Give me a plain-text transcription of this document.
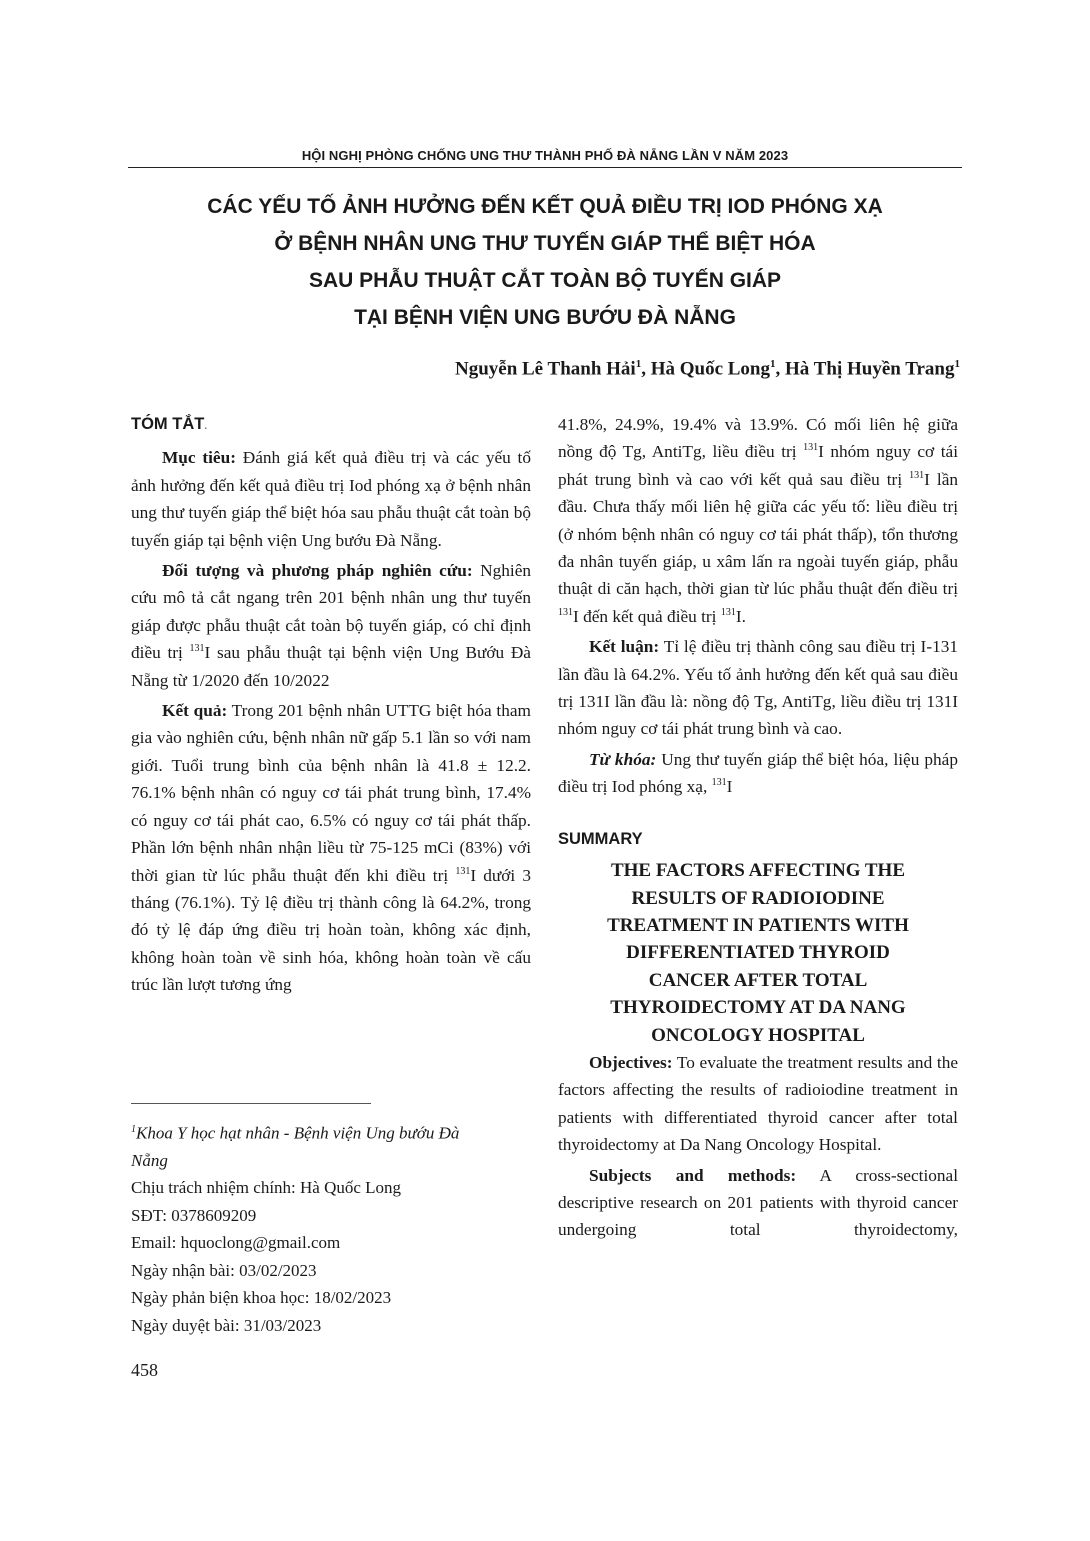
HỘI NGHỊ PHÒNG CHỐNG UNG THƯ THÀNH PHỐ ĐÀ NẴNG LẦN V NĂM 2023
CÁC YẾU TỐ ẢNH HƯỞNG ĐẾN KẾT QUẢ ĐIỀU TRỊ IOD PHÓNG XẠ
Ở BỆNH NHÂN UNG THƯ TUYẾN GIÁP THỂ BIỆT HÓA
SAU PHẪU THUẬT CẮT TOÀN BỘ TUYẾN GIÁP
TẠI BỆNH VIỆN UNG BƯỚU ĐÀ NẴNG
Nguyễn Lê Thanh Hải$^1$, Hà Quốc Long$^1$, Hà Thị Huyền Trang$^1$
TÓM TẮT.

Mục tiêu: Đánh giá kết quả điều trị và các yếu tố ảnh hưởng đến kết quả điều trị Iod phóng xạ ở bệnh nhân ung thư tuyến giáp thể biệt hóa sau phẫu thuật cắt toàn bộ tuyến giáp tại bệnh viện Ung bướu Đà Nẵng.

Đối tượng và phương pháp nghiên cứu: Nghiên cứu mô tả cắt ngang trên 201 bệnh nhân ung thư tuyến giáp được phẫu thuật cắt toàn bộ tuyến giáp, có chỉ định điều trị $^{131}$I sau phẫu thuật tại bệnh viện Ung Bướu Đà Nẵng từ 1/2020 đến 10/2022

Kết quả: Trong 201 bệnh nhân UTTG biệt hóa tham gia vào nghiên cứu, bệnh nhân nữ gấp 5.1 lần so với nam giới. Tuổi trung bình của bệnh nhân là 41.8 ± 12.2. 76.1% bệnh nhân có nguy cơ tái phát trung bình, 17.4% có nguy cơ tái phát cao, 6.5% có nguy cơ tái phát thấp. Phần lớn bệnh nhân nhận liều từ 75-125 mCi (83%) với thời gian từ lúc phẫu thuật đến khi điều trị $^{131}$I dưới 3 tháng (76.1%). Tỷ lệ điều trị thành công là 64.2%, trong đó tỷ lệ đáp ứng điều trị hoàn toàn, không xác định, không hoàn toàn về sinh hóa, không hoàn toàn về cấu trúc lần lượt tương ứng

$^1$Khoa Y học hạt nhân - Bệnh viện Ung bướu Đà
Nẵng
Chịu trách nhiệm chính: Hà Quốc Long
SĐT: 0378609209
Email: hquoclong@gmail.com
Ngày nhận bài: 03/02/2023
Ngày phản biện khoa học: 18/02/2023
Ngày duyệt bài: 31/03/2023

41.8%, 24.9%, 19.4% và 13.9%. Có mối liên hệ giữa nồng độ Tg, AntiTg, liều điều trị $^{131}$I nhóm nguy cơ tái phát trung bình và cao với kết quả sau điều trị $^{131}$I lần đầu. Chưa thấy mối liên hệ giữa các yếu tố: liều điều trị (ở nhóm bệnh nhân có nguy cơ tái phát thấp), tổn thương đa nhân tuyến giáp, u xâm lấn ra ngoài tuyến giáp, phẫu thuật di căn hạch, thời gian từ lúc phẫu thuật đến điều trị $^{131}$I đến kết quả điều trị $^{131}$I.

Kết luận: Tỉ lệ điều trị thành công sau điều trị I-131 lần đầu là 64.2%. Yếu tố ảnh hưởng đến kết quả sau điều trị 131I lần đầu là: nồng độ Tg, AntiTg, liều điều trị 131I nhóm nguy cơ tái phát trung bình và cao.

Từ khóa: Ung thư tuyến giáp thể biệt hóa, liệu pháp điều trị Iod phóng xạ, $^{131}$I

SUMMARY
THE FACTORS AFFECTING THE
RESULTS OF RADIOIODINE
TREATMENT IN PATIENTS WITH
DIFFERENTIATED THYROID
CANCER AFTER TOTAL
THYROIDECTOMY AT DA NANG
ONCOLOGY HOSPITAL

Objectives: To evaluate the treatment results and the factors affecting the results of radioiodine treatment in patients with differentiated thyroid cancer after total thyroidectomy at Da Nang Oncology Hospital.

Subjects and methods: A cross-sectional descriptive research on 201 patients with thyroid cancer undergoing total thyroidectomy,

458
